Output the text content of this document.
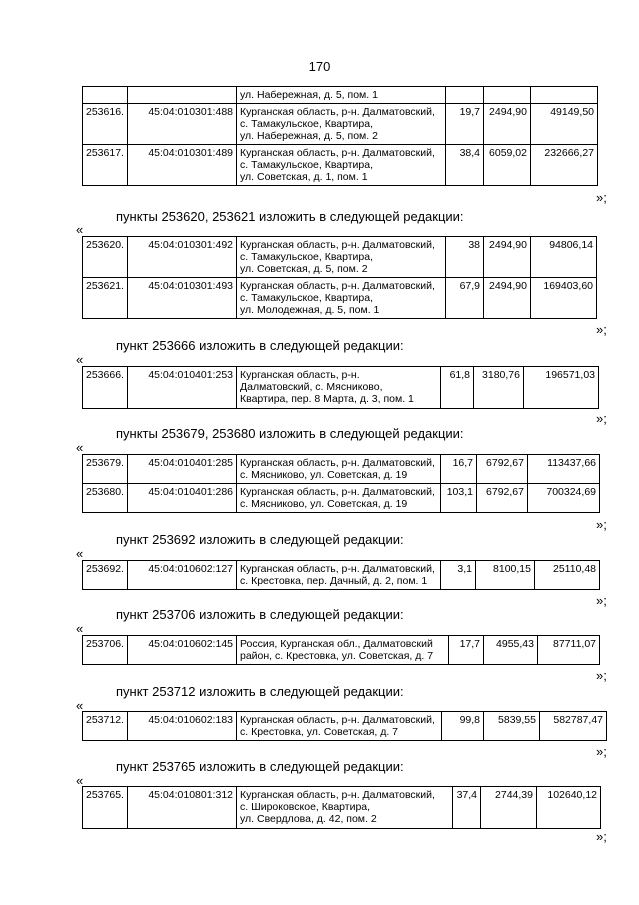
170
		ул. Набережная, д. 5, пом. 1			
253616.	45:04:010301:488	Курганская область, р-н. Далматовский,
с. Тамакульское, Квартира,
ул. Набережная, д. 5, пом. 2	19,7	2494,90	49149,50
253617.	45:04:010301:489	Курганская область, р-н. Далматовский,
с. Тамакульское, Квартира,
ул. Советская, д. 1, пом. 1	38,4	6059,02	232666,27
»;
пункты 253620, 253621 изложить в следующей редакции:
«
253620.	45:04:010301:492	Курганская область, р-н. Далматовский,
с. Тамакульское, Квартира,
ул. Советская, д. 5, пом. 2	38	2494,90	94806,14
253621.	45:04:010301:493	Курганская область, р-н. Далматовский,
с. Тамакульское, Квартира,
ул. Молодежная, д. 5, пом. 1	67,9	2494,90	169403,60
»;
пункт 253666 изложить в следующей редакции:
«
253666.	45:04:010401:253	Курганская область, р-н.
Далматовский, с. Мясниково,
Квартира, пер. 8 Марта, д. 3, пом. 1
	61,8	3180,76	196571,03
»;
пункты 253679, 253680 изложить в следующей редакции:
«
253679.	45:04:010401:285	Курганская область, р-н. Далматовский,
с. Мясниково, ул. Советская, д. 19	16,7	6792,67	113437,66
253680.	45:04:010401:286	Курганская область, р-н. Далматовский,
с. Мясниково, ул. Советская, д. 19	103,1	6792,67	700324,69
»;
пункт 253692 изложить в следующей редакции:
«
253692.	45:04:010602:127	Курганская область, р-н. Далматовский,
с. Крестовка, пер. Дачный, д. 2, пом. 1
	3,1	8100,15	25110,48
»;
пункт 253706 изложить в следующей редакции:
«
253706.	45:04:010602:145	Россия, Курганская обл., Далматовский
район, с. Крестовка, ул. Советская, д. 7
	17,7	4955,43	87711,07
»;
пункт 253712 изложить в следующей редакции:
«
253712.	45:04:010602:183	Курганская область, р-н. Далматовский,
с. Крестовка, ул. Советская, д. 7
	99,8	5839,55	582787,47
»;
пункт 253765 изложить в следующей редакции:
«
253765.	45:04:010801:312	Курганская область, р-н. Далматовский,
с. Широковское, Квартира,
ул. Свердлова, д. 42, пом. 2
	37,4	2744,39	102640,12
»;
